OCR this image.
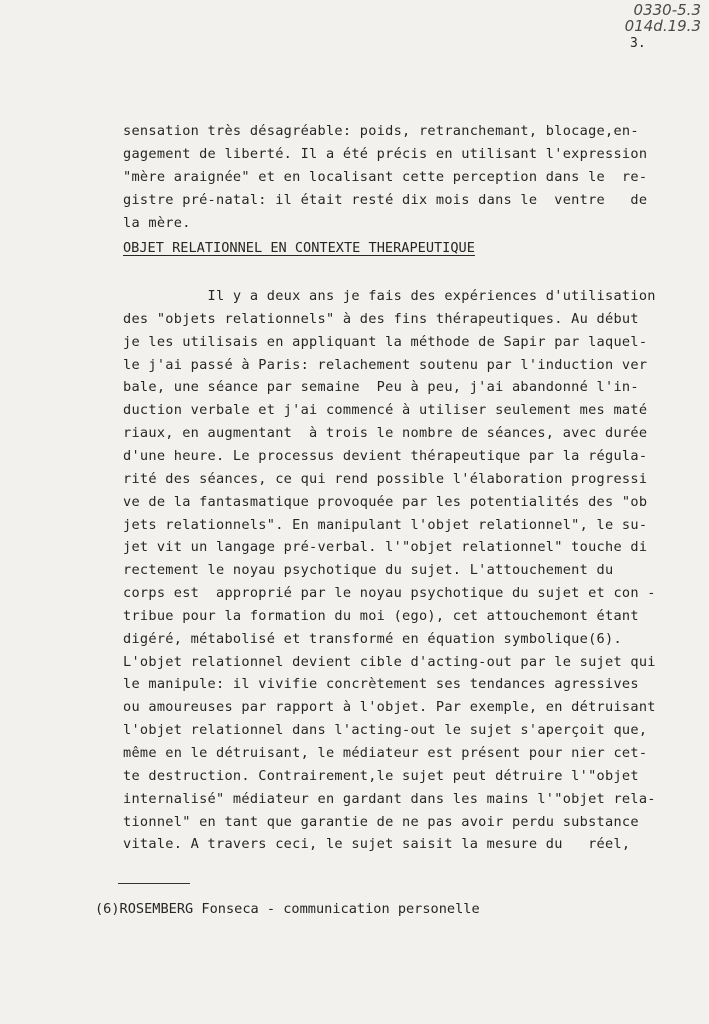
0330-5.3
014d.19.3
3.
sensation très désagréable: poids, retranchemant, blocage,en-
gagement de liberté. Il a été précis en utilisant l'expression
"mère araignée" et en localisant cette perception dans le  re-
gistre pré-natal: il était resté dix mois dans le  ventre   de
la mère.
OBJET RELATIONNEL EN CONTEXTE THERAPEUTIQUE
Il y a deux ans je fais des expériences d'utilisation
des "objets relationnels" à des fins thérapeutiques. Au début
je les utilisais en appliquant la méthode de Sapir par laquel-
le j'ai passé à Paris: relachement soutenu par l'induction ver
bale, une séance par semaine  Peu à peu, j'ai abandonné l'in-
duction verbale et j'ai commencé à utiliser seulement mes maté
riaux, en augmentant  à trois le nombre de séances, avec durée
d'une heure. Le processus devient thérapeutique par la régula-
rité des séances, ce qui rend possible l'élaboration progressi
ve de la fantasmatique provoquée par les potentialités des "ob
jets relationnels". En manipulant l'objet relationnel", le su-
jet vit un langage pré-verbal. l'"objet relationnel" touche di
rectement le noyau psychotique du sujet. L'attouchement du
corps est  approprié par le noyau psychotique du sujet et con -
tribue pour la formation du moi (ego), cet attouchemont étant
digéré, métabolisé et transformé en équation symbolique(6).
L'objet relationnel devient cible d'acting-out par le sujet qui
le manipule: il vivifie concrètement ses tendances agressives
ou amoureuses par rapport à l'objet. Par exemple, en détruisant
l'objet relationnel dans l'acting-out le sujet s'aperçoit que,
même en le détruisant, le médiateur est présent pour nier cet-
te destruction. Contrairement,le sujet peut détruire l'"objet
internalisé" médiateur en gardant dans les mains l'"objet rela-
tionnel" en tant que garantie de ne pas avoir perdu substance
vitale. A travers ceci, le sujet saisit la mesure du   réel,
(6)ROSEMBERG Fonseca - communication personelle
